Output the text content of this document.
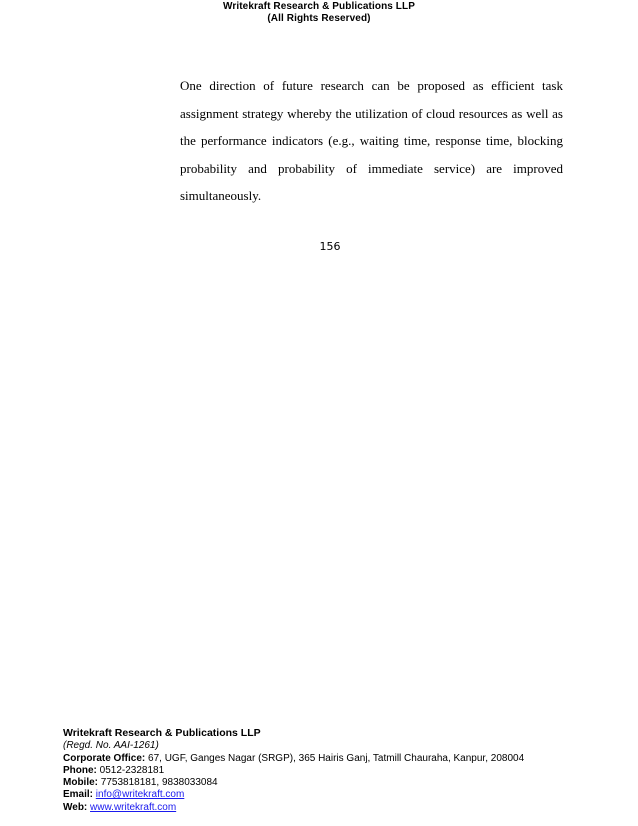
Writekraft Research & Publications LLP
(All Rights Reserved)
One direction of future research can be proposed as efficient task assignment strategy whereby the utilization of cloud resources as well as the performance indicators (e.g., waiting time, response time, blocking probability and probability of immediate service) are improved simultaneously.
156
Writekraft Research & Publications LLP
(Regd. No. AAI-1261)
Corporate Office: 67, UGF, Ganges Nagar (SRGP), 365 Hairis Ganj, Tatmill Chauraha, Kanpur, 208004
Phone: 0512-2328181
Mobile: 7753818181, 9838033084
Email: info@writekraft.com
Web: www.writekraft.com
